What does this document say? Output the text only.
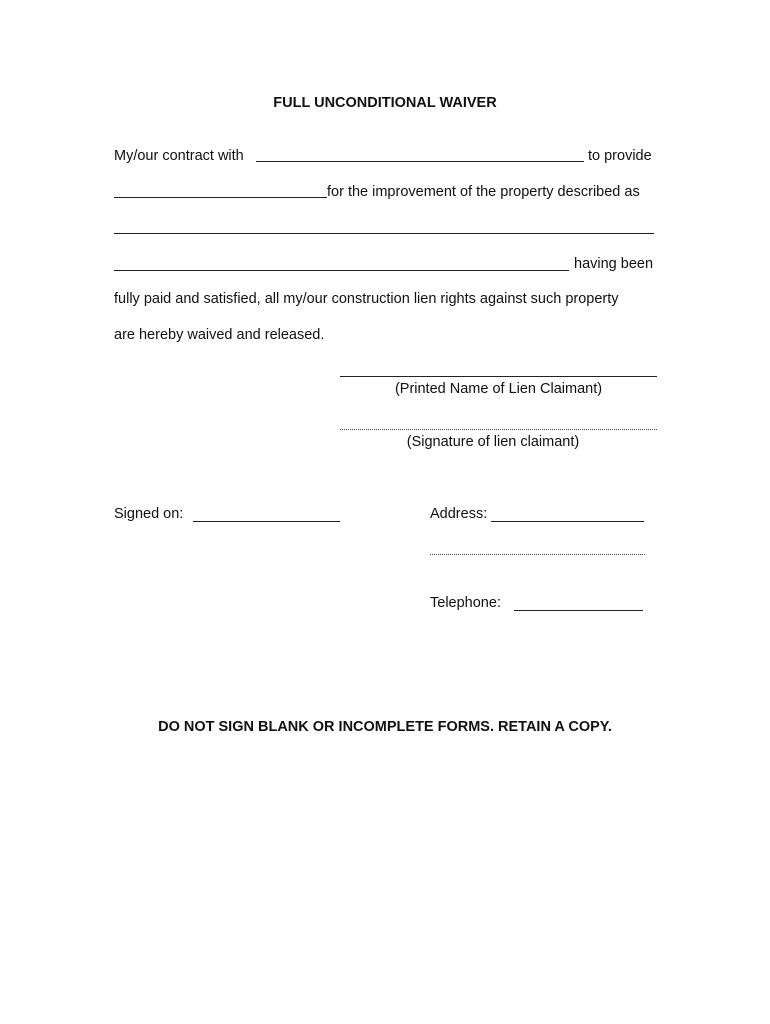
FULL UNCONDITIONAL WAIVER
My/our contract with	to provide
for the improvement of the property described as
having been
fully paid and satisfied, all my/our construction lien rights against such property
are hereby waived and released.
(Printed Name of Lien Claimant)
(Signature of lien claimant)
Signed on:	Address:
Telephone:
DO NOT SIGN BLANK OR INCOMPLETE FORMS. RETAIN A COPY.
